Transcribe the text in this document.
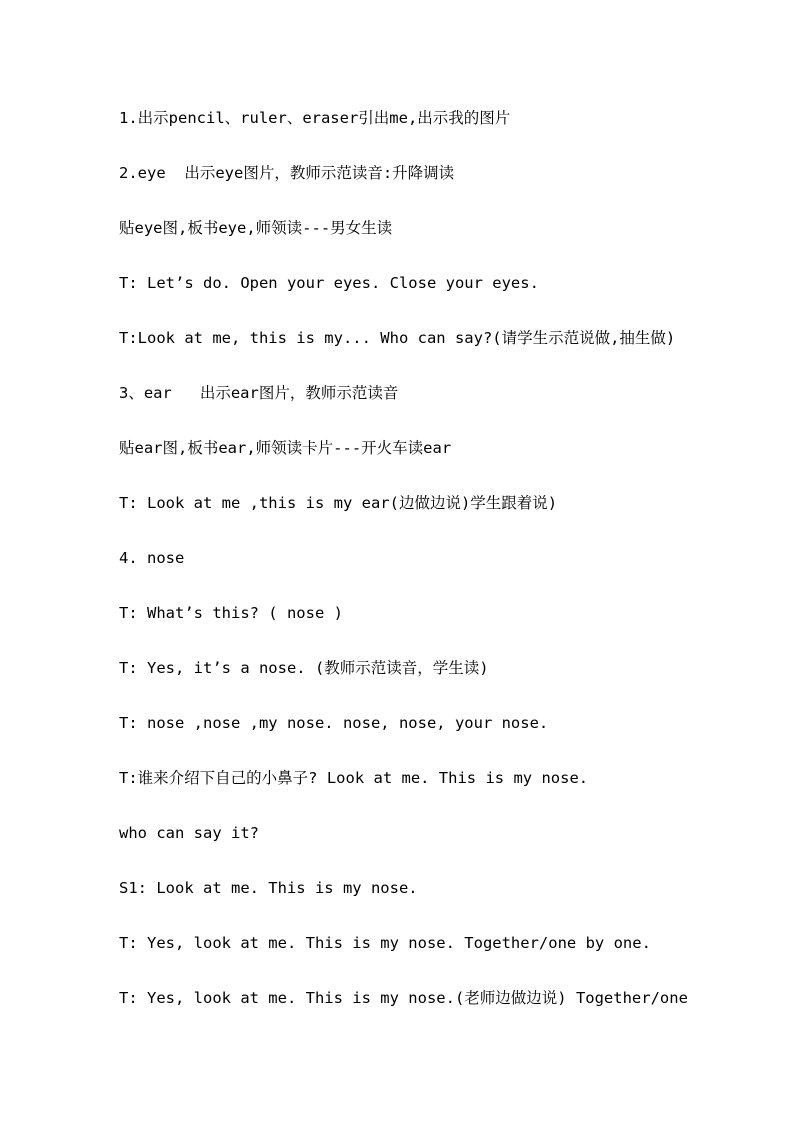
1.出示pencil、ruler、eraser引出me,出示我的图片
2.eye  出示eye图片，教师示范读音:升降调读
贴eye图,板书eye,师领读---男女生读
T: Let’s do. Open your eyes. Close your eyes.
T:Look at me, this is my... Who can say?(请学生示范说做,抽生做)
3、ear   出示ear图片，教师示范读音
贴ear图,板书ear,师领读卡片---开火车读ear
T: Look at me ,this is my ear(边做边说)学生跟着说)
4. nose
T: What’s this? ( nose )
T: Yes, it’s a nose. (教师示范读音，学生读)
T: nose ,nose ,my nose. nose, nose, your nose.
T:谁来介绍下自己的小鼻子? Look at me. This is my nose.
who can say it?
S1: Look at me. This is my nose.
T: Yes, look at me. This is my nose. Together/one by one.
T: Yes, look at me. This is my nose.(老师边做边说) Together/one
